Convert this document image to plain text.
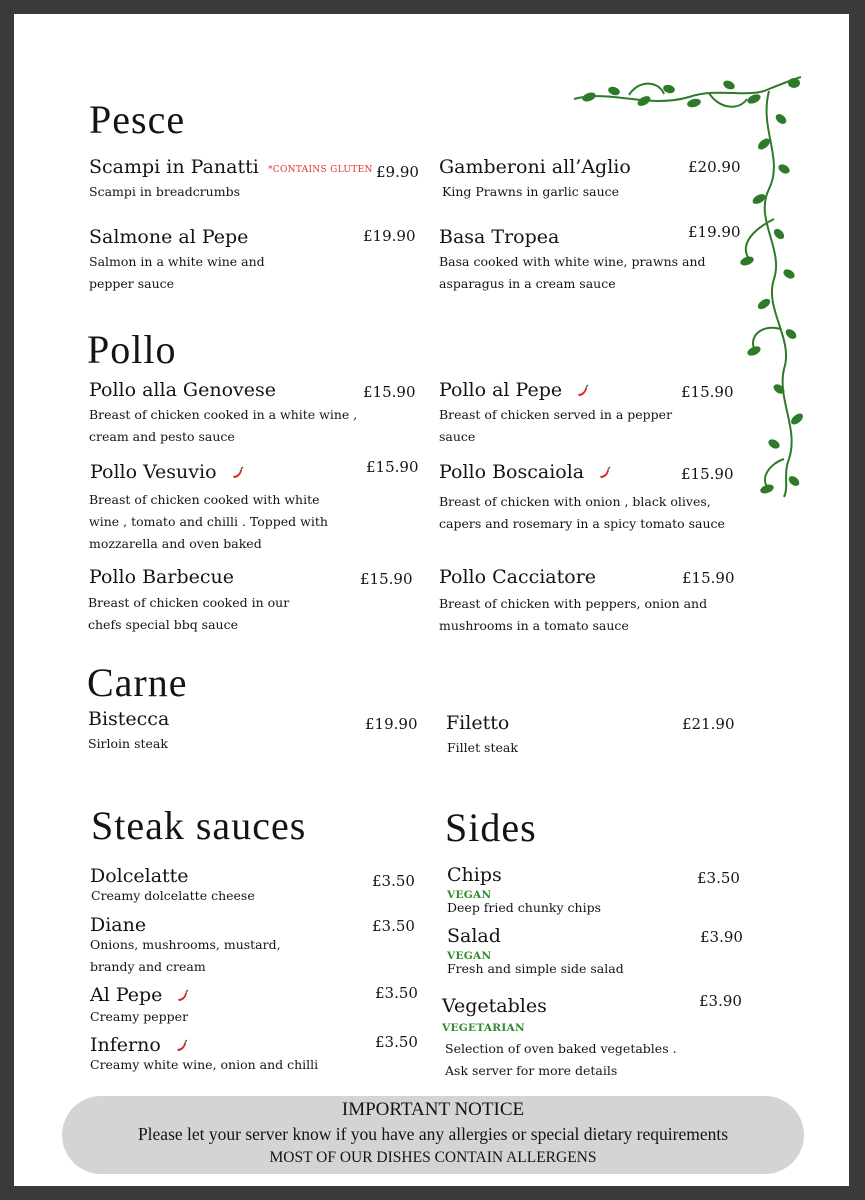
Pesce
Scampi in Panatti *CONTAINS GLUTEN £9.90
Scampi in breadcrumbs
Gamberoni all’Aglio	£20.90
King Prawns in garlic sauce
Salmone al Pepe	£19.90
Salmon in a white wine and pepper sauce
Basa Tropea	£19.90
Basa cooked with white wine, prawns and asparagus in a cream sauce
Pollo
Pollo alla Genovese	£15.90
Breast of chicken cooked in a white wine , cream and pesto sauce
Pollo al Pepe	£15.90
Breast of chicken served in a pepper sauce
Pollo Vesuvio	£15.90
Breast of chicken cooked with white wine , tomato and chilli . Topped with mozzarella and oven baked
Pollo Boscaiola	£15.90
Breast of chicken with onion , black olives, capers and rosemary in a spicy tomato sauce
Pollo Barbecue	£15.90
Breast of chicken cooked in our chefs special bbq sauce
Pollo Cacciatore	£15.90
Breast of chicken with peppers, onion and mushrooms in a tomato sauce
Carne
Bistecca	£19.90
Sirloin steak
Filetto	£21.90
Fillet steak
Steak sauces
Dolcelatte	£3.50
Creamy dolcelatte cheese
Diane	£3.50
Onions, mushrooms, mustard, brandy and cream
Al Pepe	£3.50
Creamy pepper
Inferno	£3.50
Creamy white wine, onion and chilli
Sides
Chips	£3.50
VEGAN
Deep fried chunky chips
Salad	£3.90
VEGAN
Fresh and simple side salad
Vegetables	£3.90
VEGETARIAN
Selection of oven baked vegetables . Ask server for more details
IMPORTANT NOTICE
Please let your server know if you have any allergies or special dietary requirements
MOST OF OUR DISHES CONTAIN ALLERGENS
